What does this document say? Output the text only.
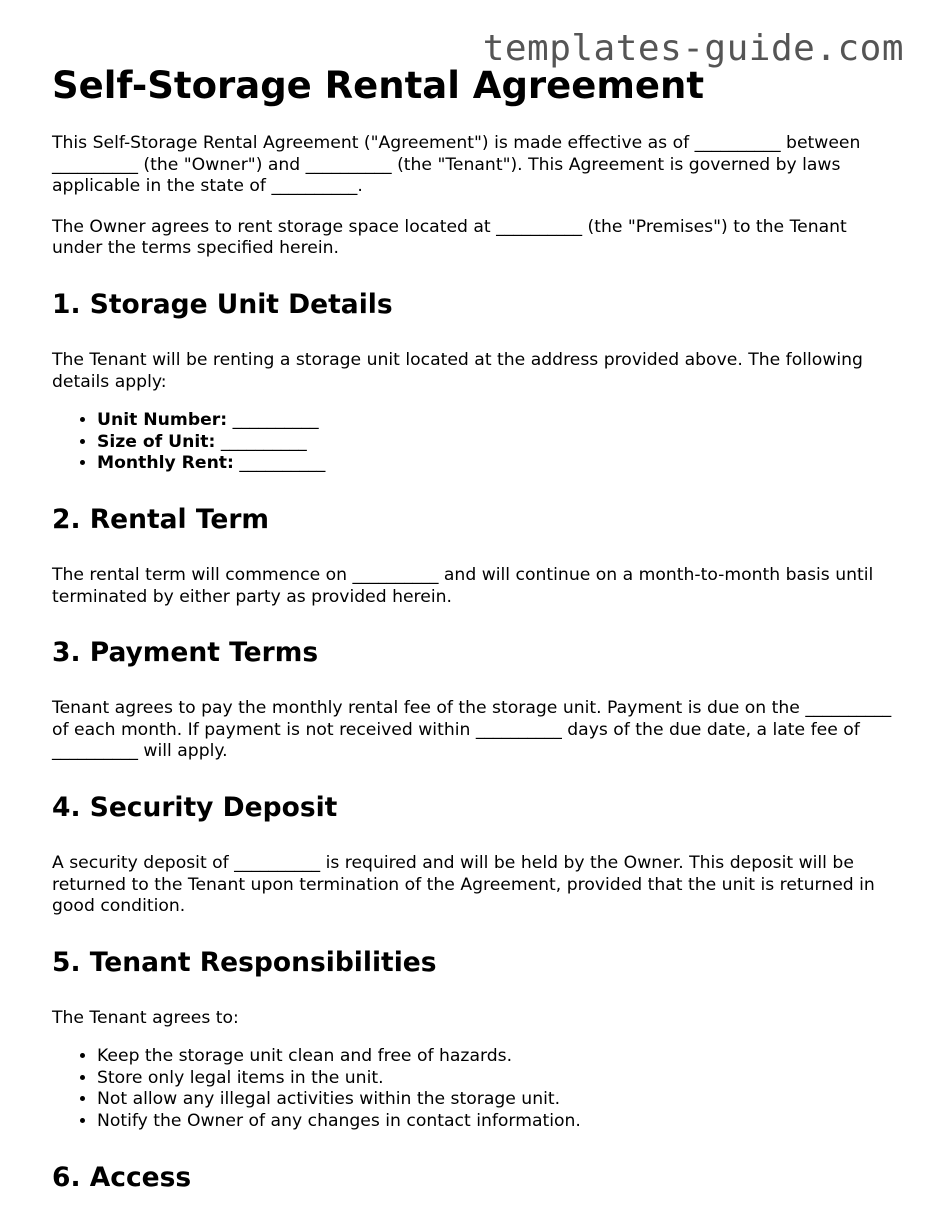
templates-guide.com
Self-Storage Rental Agreement

This Self-Storage Rental Agreement ("Agreement") is made effective as of __________ between __________ (the "Owner") and __________ (the "Tenant"). This Agreement is governed by laws applicable in the state of __________.

The Owner agrees to rent storage space located at __________ (the "Premises") to the Tenant under the terms specified herein.

1. Storage Unit Details

The Tenant will be renting a storage unit located at the address provided above. The following details apply:

• Unit Number: __________
• Size of Unit: __________
• Monthly Rent: __________
2. Rental Term

The rental term will commence on __________ and will continue on a month-to-month basis until terminated by either party as provided herein.

3. Payment Terms

Tenant agrees to pay the monthly rental fee of the storage unit. Payment is due on the __________ of each month. If payment is not received within __________ days of the due date, a late fee of __________ will apply.

4. Security Deposit

A security deposit of __________ is required and will be held by the Owner. This deposit will be returned to the Tenant upon termination of the Agreement, provided that the unit is returned in good condition.

5. Tenant Responsibilities

The Tenant agrees to:

• Keep the storage unit clean and free of hazards.
• Store only legal items in the unit.
• Not allow any illegal activities within the storage unit.
• Notify the Owner of any changes in contact information.
6. Access
